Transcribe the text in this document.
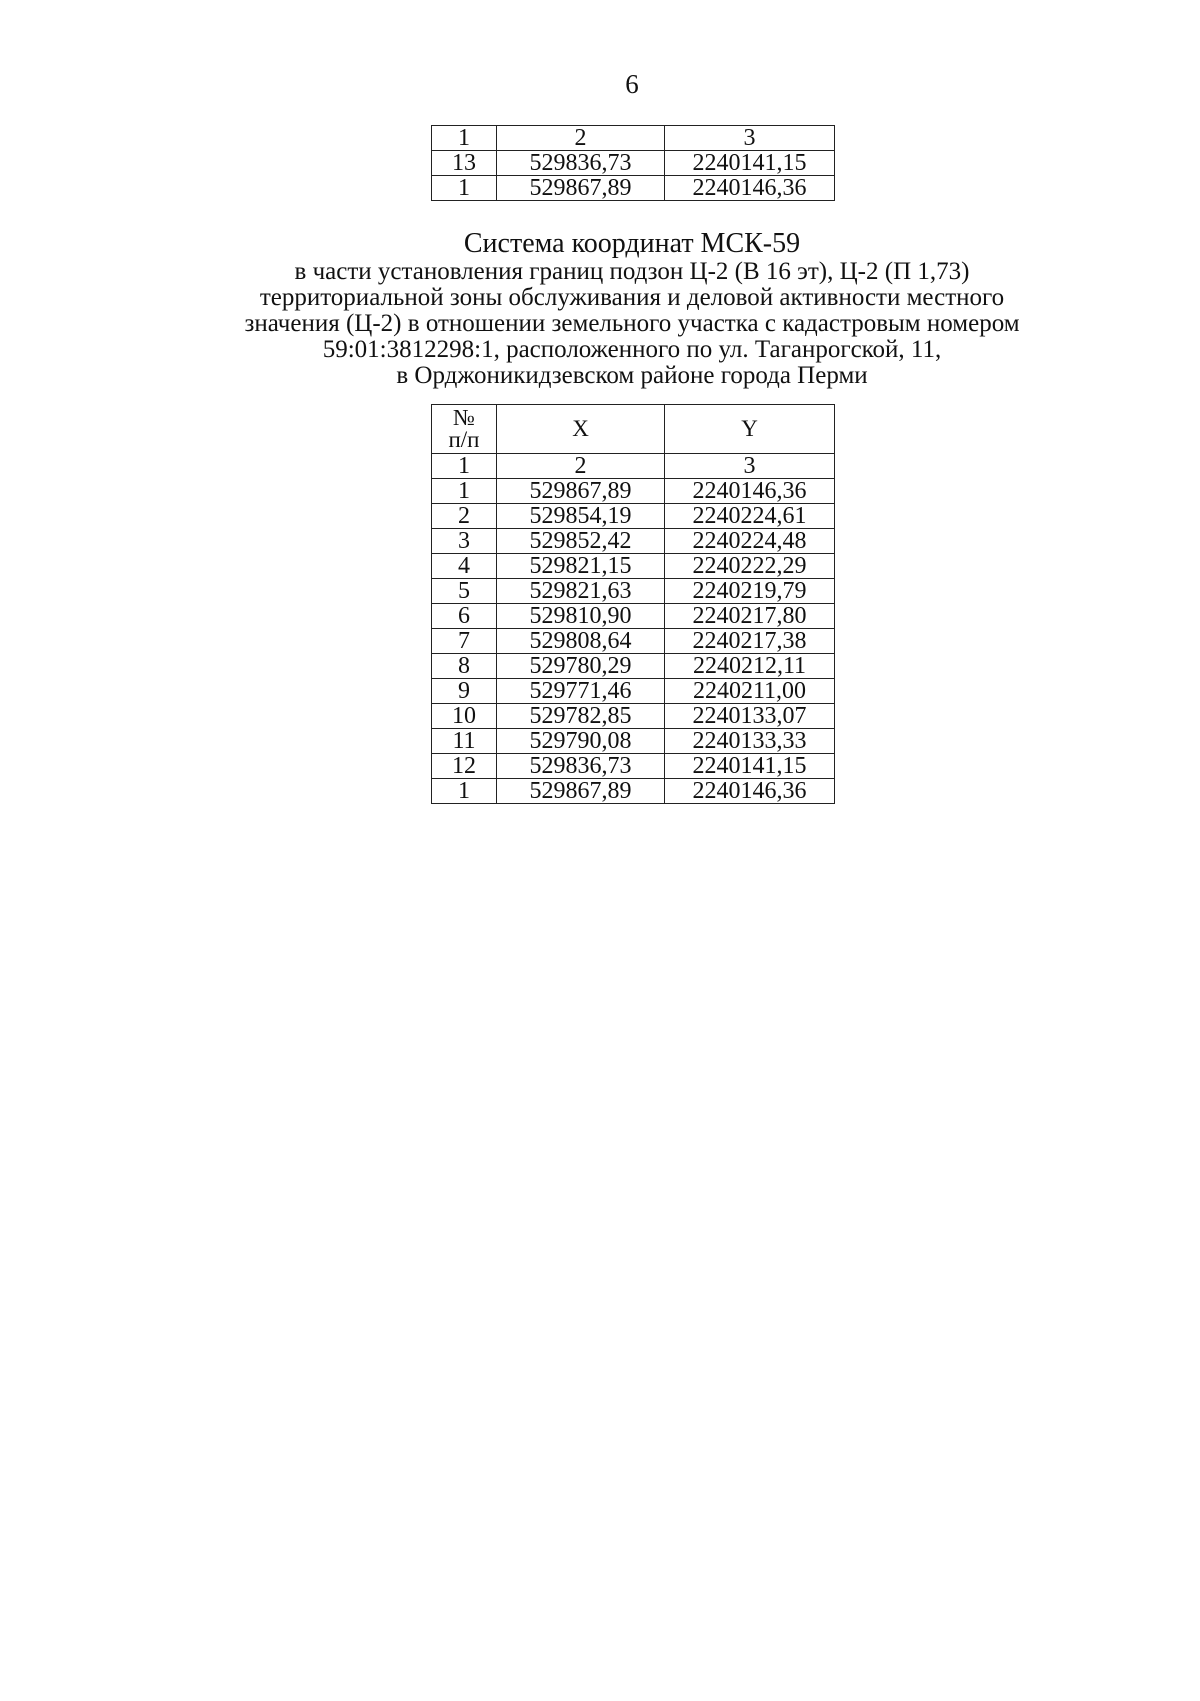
6
1	2	3
13	529836,73	2240141,15
1	529867,89	2240146,36
Система координат МСК-59
в части установления границ подзон Ц-2 (В 16 эт), Ц-2 (П 1,73)
территориальной зоны обслуживания и деловой активности местного
значения (Ц-2) в отношении земельного участка с кадастровым номером
59:01:3812298:1, расположенного по ул. Таганрогской, 11,
в Орджоникидзевском районе города Перми
№
п/п	X	Y
1	2	3
1	529867,89	2240146,36
2	529854,19	2240224,61
3	529852,42	2240224,48
4	529821,15	2240222,29
5	529821,63	2240219,79
6	529810,90	2240217,80
7	529808,64	2240217,38
8	529780,29	2240212,11
9	529771,46	2240211,00
10	529782,85	2240133,07
11	529790,08	2240133,33
12	529836,73	2240141,15
1	529867,89	2240146,36
